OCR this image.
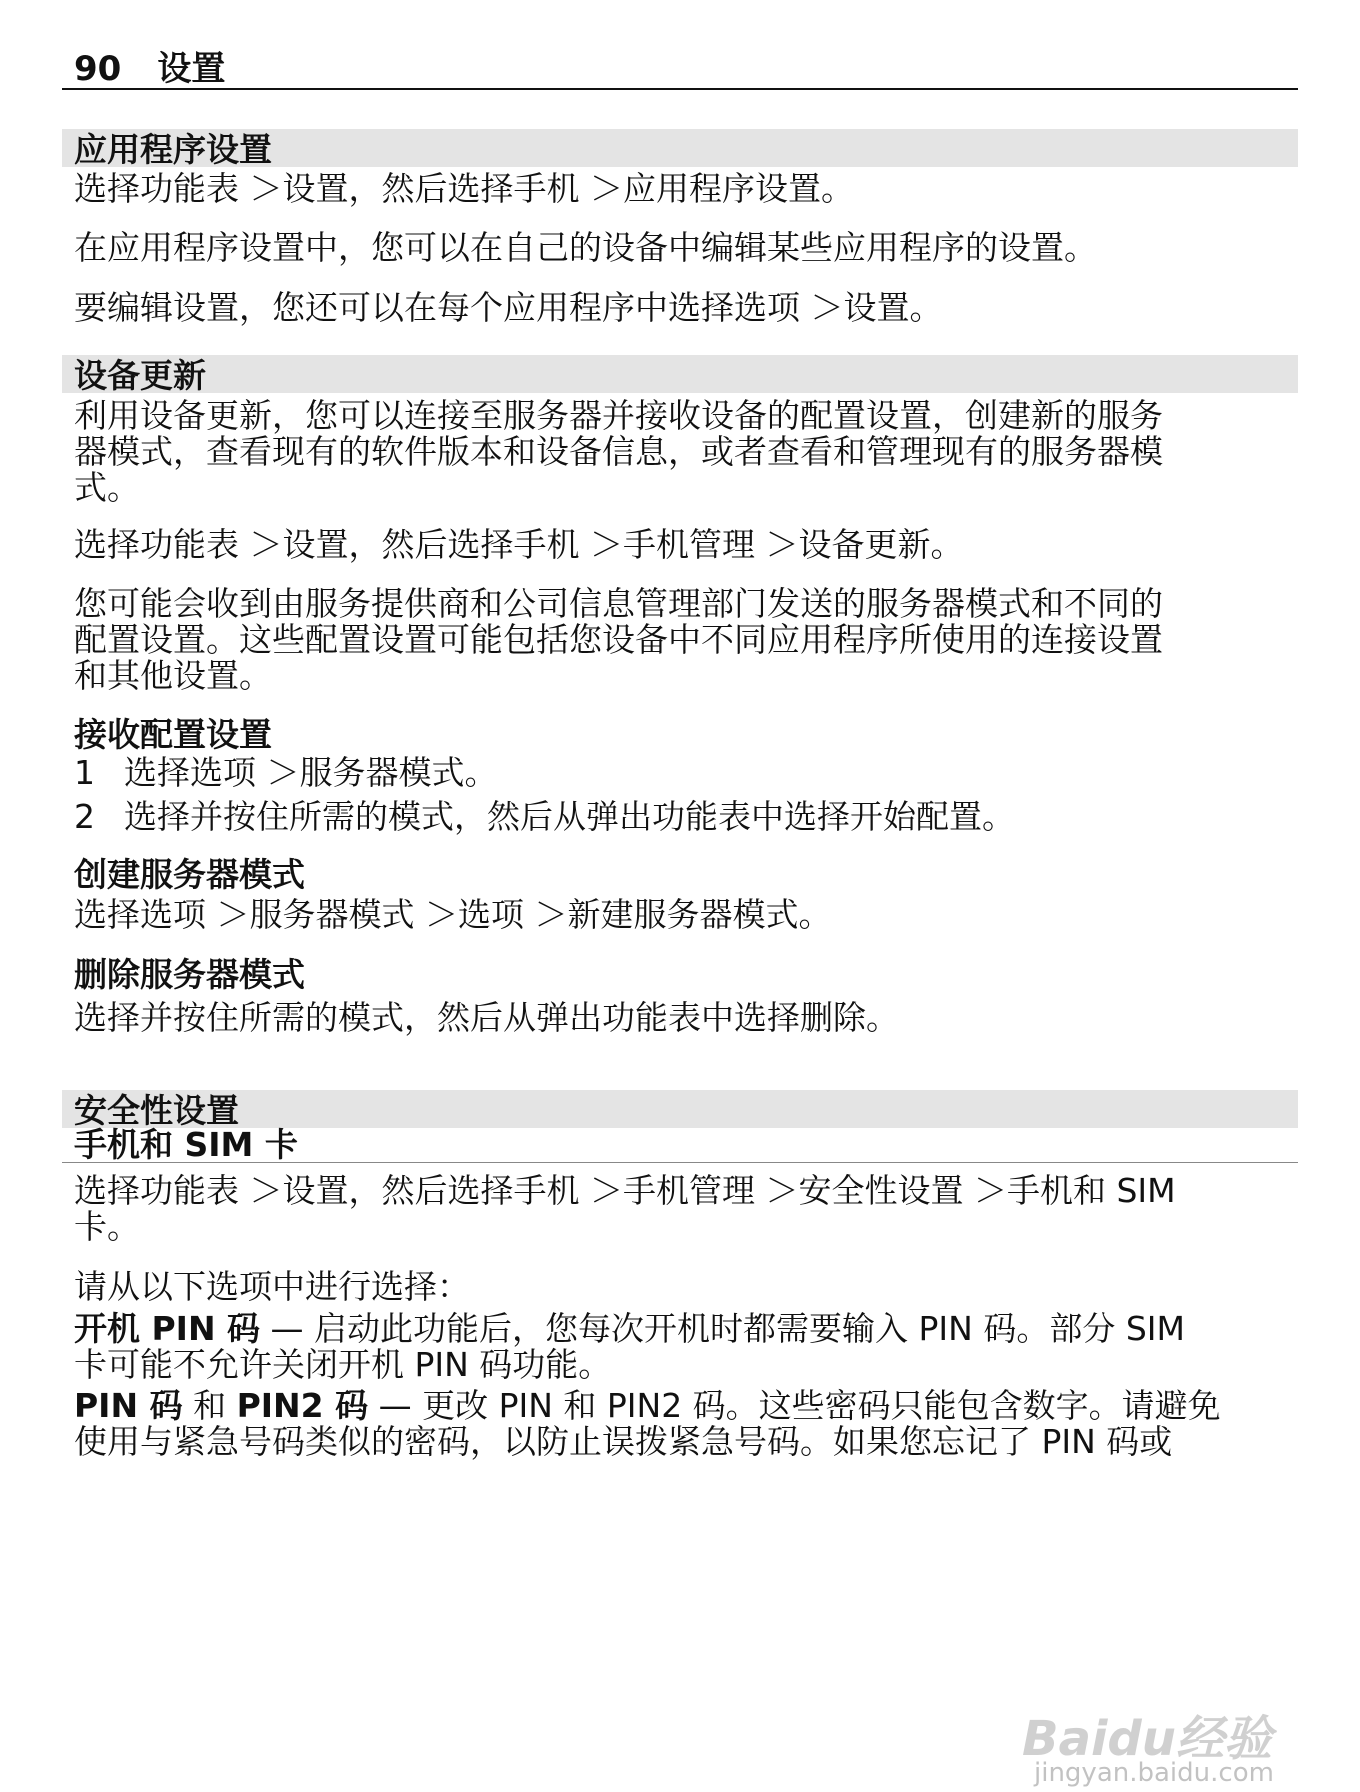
90 设置
应用程序设置
选择功能表 ＞设置，然后选择手机 ＞应用程序设置。
在应用程序设置中，您可以在自己的设备中编辑某些应用程序的设置。
要编辑设置，您还可以在每个应用程序中选择选项 ＞设置。
设备更新
利用设备更新，您可以连接至服务器并接收设备的配置设置，创建新的服务
器模式，查看现有的软件版本和设备信息，或者查看和管理现有的服务器模
式。
选择功能表 ＞设置，然后选择手机 ＞手机管理 ＞设备更新。
您可能会收到由服务提供商和公司信息管理部门发送的服务器模式和不同的
配置设置。这些配置设置可能包括您设备中不同应用程序所使用的连接设置
和其他设置。
接收配置设置
1 选择选项 ＞服务器模式。
2 选择并按住所需的模式，然后从弹出功能表中选择开始配置。
创建服务器模式
选择选项 ＞服务器模式 ＞选项 ＞新建服务器模式。
删除服务器模式
选择并按住所需的模式，然后从弹出功能表中选择删除。
安全性设置
手机和 SIM 卡
选择功能表 ＞设置，然后选择手机 ＞手机管理 ＞安全性设置 ＞手机和 SIM
卡。
请从以下选项中进行选择：
开机 PIN 码 — 启动此功能后，您每次开机时都需要输入 PIN 码。部分 SIM
卡可能不允许关闭开机 PIN 码功能。
PIN 码 和 PIN2 码 — 更改 PIN 和 PIN2 码。这些密码只能包含数字。请避免
使用与紧急号码类似的密码，以防止误拨紧急号码。如果您忘记了 PIN 码或
Baidu经验
jingyan.baidu.com
